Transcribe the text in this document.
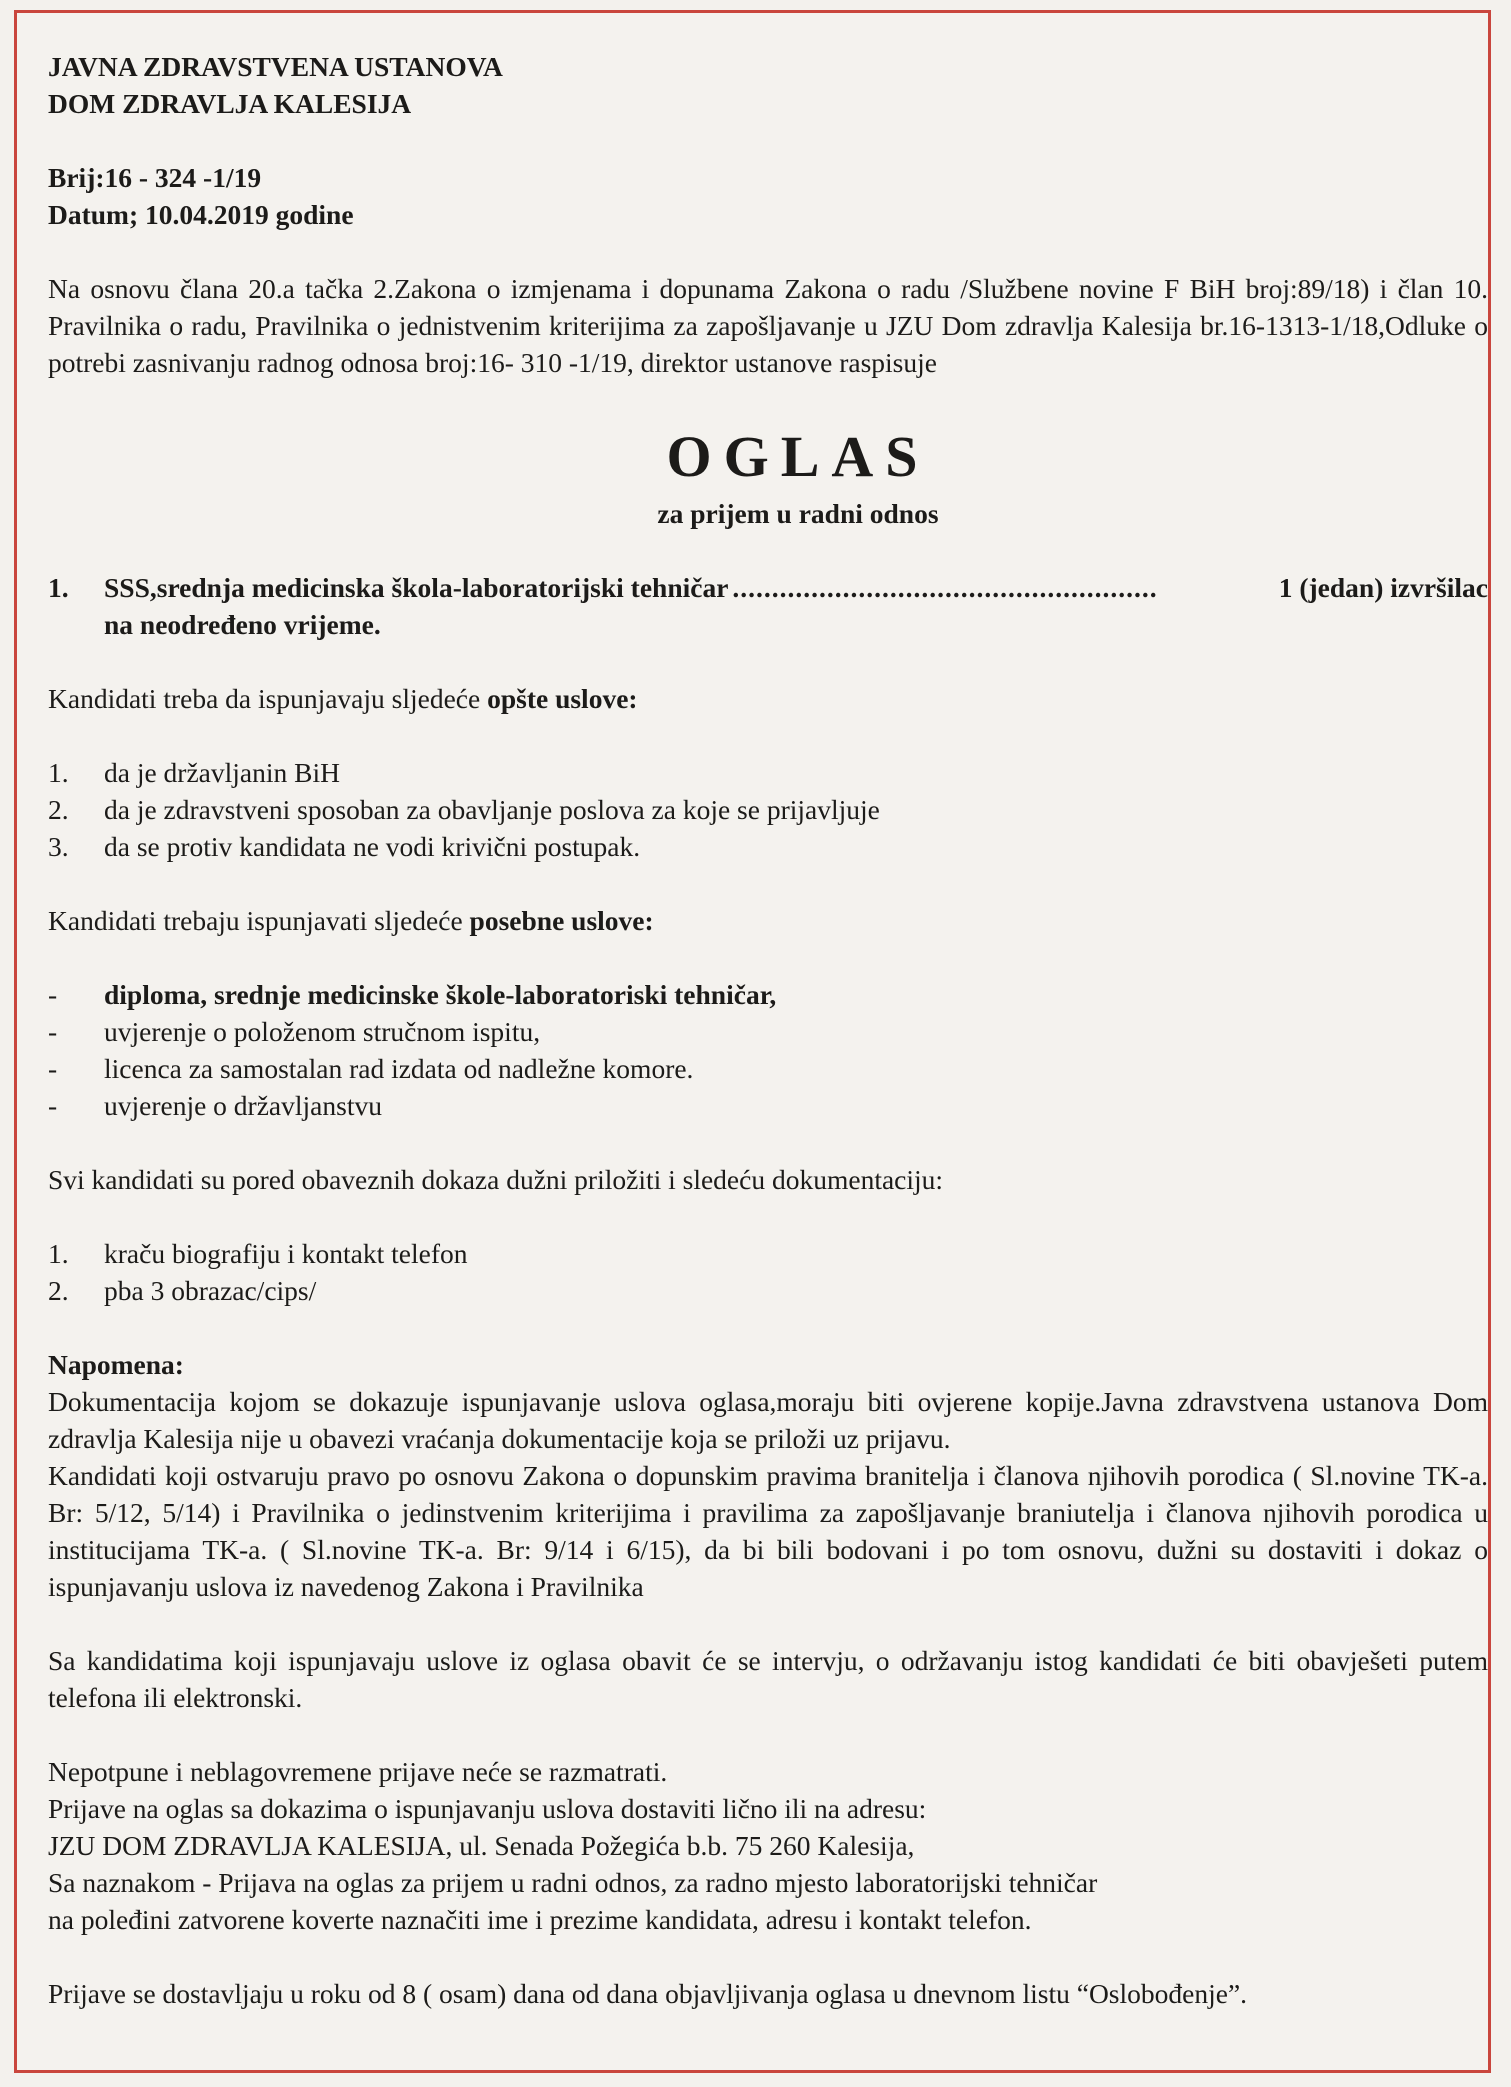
JAVNA ZDRAVSTVENA USTANOVA
DOM ZDRAVLJA KALESIJA
Brij:16 - 324 -1/19
Datum; 10.04.2019 godine
Na osnovu člana 20.a tačka 2.Zakona o izmjenama i dopunama Zakona o radu /Službene novine F BiH broj:89/18) i član 10. Pravilnika o radu, Pravilnika o jednistvenim kriterijima za zapošljavanje u JZU Dom zdravlja Kalesija br.16-1313-1/18,Odluke o potrebi zasnivanju radnog odnosa broj:16- 310 -1/19, direktor ustanove raspisuje
OGLAS
za prijem u radni odnos
1.	SSS,srednja medicinska škola-laboratorijski tehničar ......................................................	1 (jedan) izvršilac
na neodređeno vrijeme.
Kandidati treba da ispunjavaju sljedeće opšte uslove:
1.	da je državljanin BiH
2.	da je zdravstveni sposoban za obavljanje poslova za koje se prijavljuje
3.	da se protiv kandidata ne vodi krivični postupak.
Kandidati trebaju ispunjavati sljedeće posebne uslove:
-	diploma, srednje medicinske škole-laboratoriski tehničar,
-	uvjerenje o položenom stručnom ispitu,
-	licenca za samostalan rad izdata od nadležne komore.
-	uvjerenje o državljanstvu
Svi kandidati su pored obaveznih dokaza dužni priložiti i sledeću dokumentaciju:
1.	kraču biografiju i kontakt telefon
2.	pba 3 obrazac/cips/
Napomena:
Dokumentacija kojom se dokazuje ispunjavanje uslova oglasa,moraju biti ovjerene kopije.Javna zdravstvena ustanova Dom zdravlja Kalesija nije u obavezi vraćanja dokumentacije koja se priloži uz prijavu.
Kandidati koji ostvaruju pravo po osnovu Zakona o dopunskim pravima branitelja i članova njihovih porodica ( Sl.novine TK-a. Br: 5/12, 5/14) i Pravilnika o jedinstvenim kriterijima i pravilima za zapošljavanje braniutelja i članova njihovih porodica u institucijama TK-a. ( Sl.novine TK-a. Br: 9/14 i 6/15), da bi bili bodovani i po tom osnovu, dužni su dostaviti i dokaz o ispunjavanju uslova iz navedenog Zakona i Pravilnika
Sa kandidatima koji ispunjavaju uslove iz oglasa obavit će se intervju, o održavanju istog kandidati će biti obavješeti putem telefona ili elektronski.
Nepotpune i neblagovremene prijave neće se razmatrati.
Prijave na oglas sa dokazima o ispunjavanju uslova dostaviti lično ili na adresu:
JZU DOM ZDRAVLJA KALESIJA, ul. Senada Požegića b.b. 75 260 Kalesija,
Sa naznakom - Prijava na oglas za prijem u radni odnos, za radno mjesto laboratorijski tehničar
na poleđini zatvorene koverte naznačiti ime i prezime kandidata, adresu i kontakt telefon.
Prijave se dostavljaju u roku od 8 ( osam) dana od dana objavljivanja oglasa u dnevnom listu “Oslobođenje”.
